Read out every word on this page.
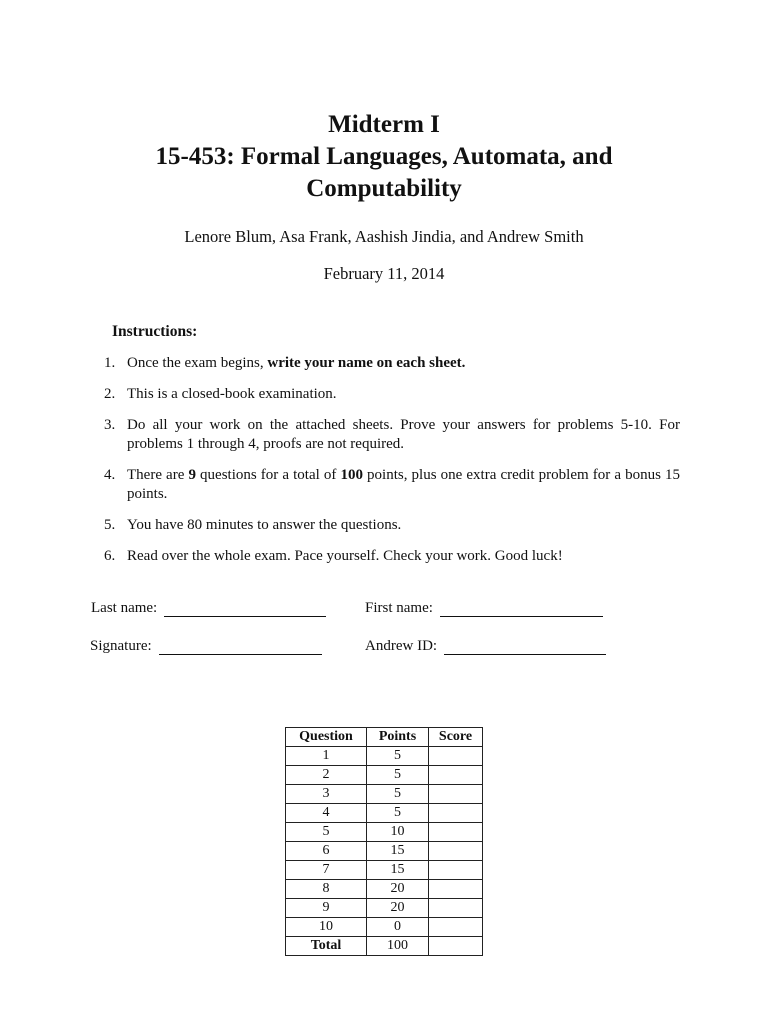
Midterm I
15-453: Formal Languages, Automata, and
Computability
Lenore Blum, Asa Frank, Aashish Jindia, and Andrew Smith
February 11, 2014
Instructions:
1. Once the exam begins, write your name on each sheet.
2. This is a closed-book examination.
3. Do all your work on the attached sheets. Prove your answers for problems 5-10. For problems 1 through 4, proofs are not required.
4. There are 9 questions for a total of 100 points, plus one extra credit problem for a bonus 15 points.
5. You have 80 minutes to answer the questions.
6. Read over the whole exam. Pace yourself. Check your work. Good luck!
Last name:	First name:
Signature:	Andrew ID:
Question	Points	Score
1	5	
2	5	
3	5	
4	5	
5	10	
6	15	
7	15	
8	20	
9	20	
10	0	
Total	100	
